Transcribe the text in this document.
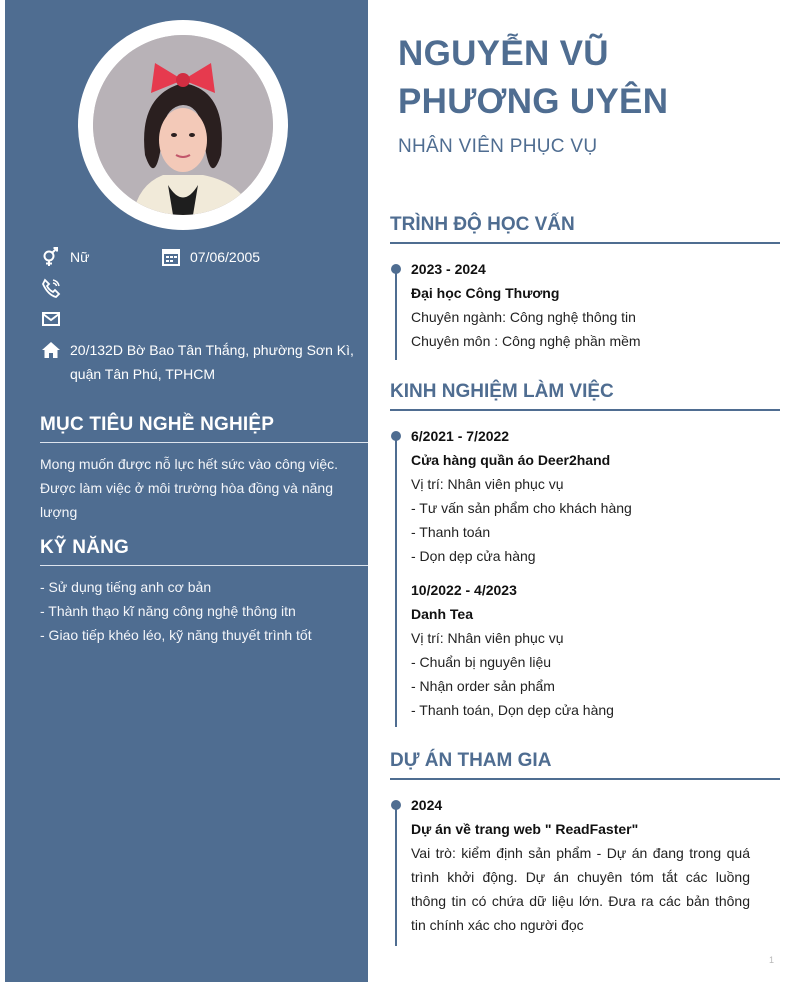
Nữ	07/06/2005
20/132D Bờ Bao Tân Thắng, phường Sơn Kì, quận Tân Phú, TPHCM
MỤC TIÊU NGHỀ NGHIỆP
Mong muốn được nỗ lực hết sức vào công việc. Được làm việc ở môi trường hòa đồng và năng lượng
KỸ NĂNG
- Sử dụng tiếng anh cơ bản
- Thành thạo kĩ năng công nghệ thông itn
- Giao tiếp khéo léo, kỹ năng thuyết trình tốt
NGUYỄN VŨ
PHƯƠNG UYÊN
NHÂN VIÊN PHỤC VỤ
TRÌNH ĐỘ HỌC VẤN
2023 - 2024
Đại học Công Thương
Chuyên ngành: Công nghệ thông tin
Chuyên môn : Công nghệ phần mềm
KINH NGHIỆM LÀM VIỆC
6/2021 - 7/2022
Cửa hàng quần áo Deer2hand
Vị trí: Nhân viên phục vụ
- Tư vấn sản phẩm cho khách hàng
- Thanh toán
- Dọn dẹp cửa hàng
10/2022 - 4/2023
Danh Tea
Vị trí: Nhân viên phục vụ
- Chuẩn bị nguyên liệu
- Nhận order sản phẩm
- Thanh toán, Dọn dẹp cửa hàng
DỰ ÁN THAM GIA
2024
Dự án về trang web " ReadFaster"
Vai trò: kiểm định sản phẩm - Dự án đang trong quá trình khởi động. Dự án chuyên tóm tắt các luồng thông tin có chứa dữ liệu lớn. Đưa ra các bản thông tin chính xác cho người đọc
1
